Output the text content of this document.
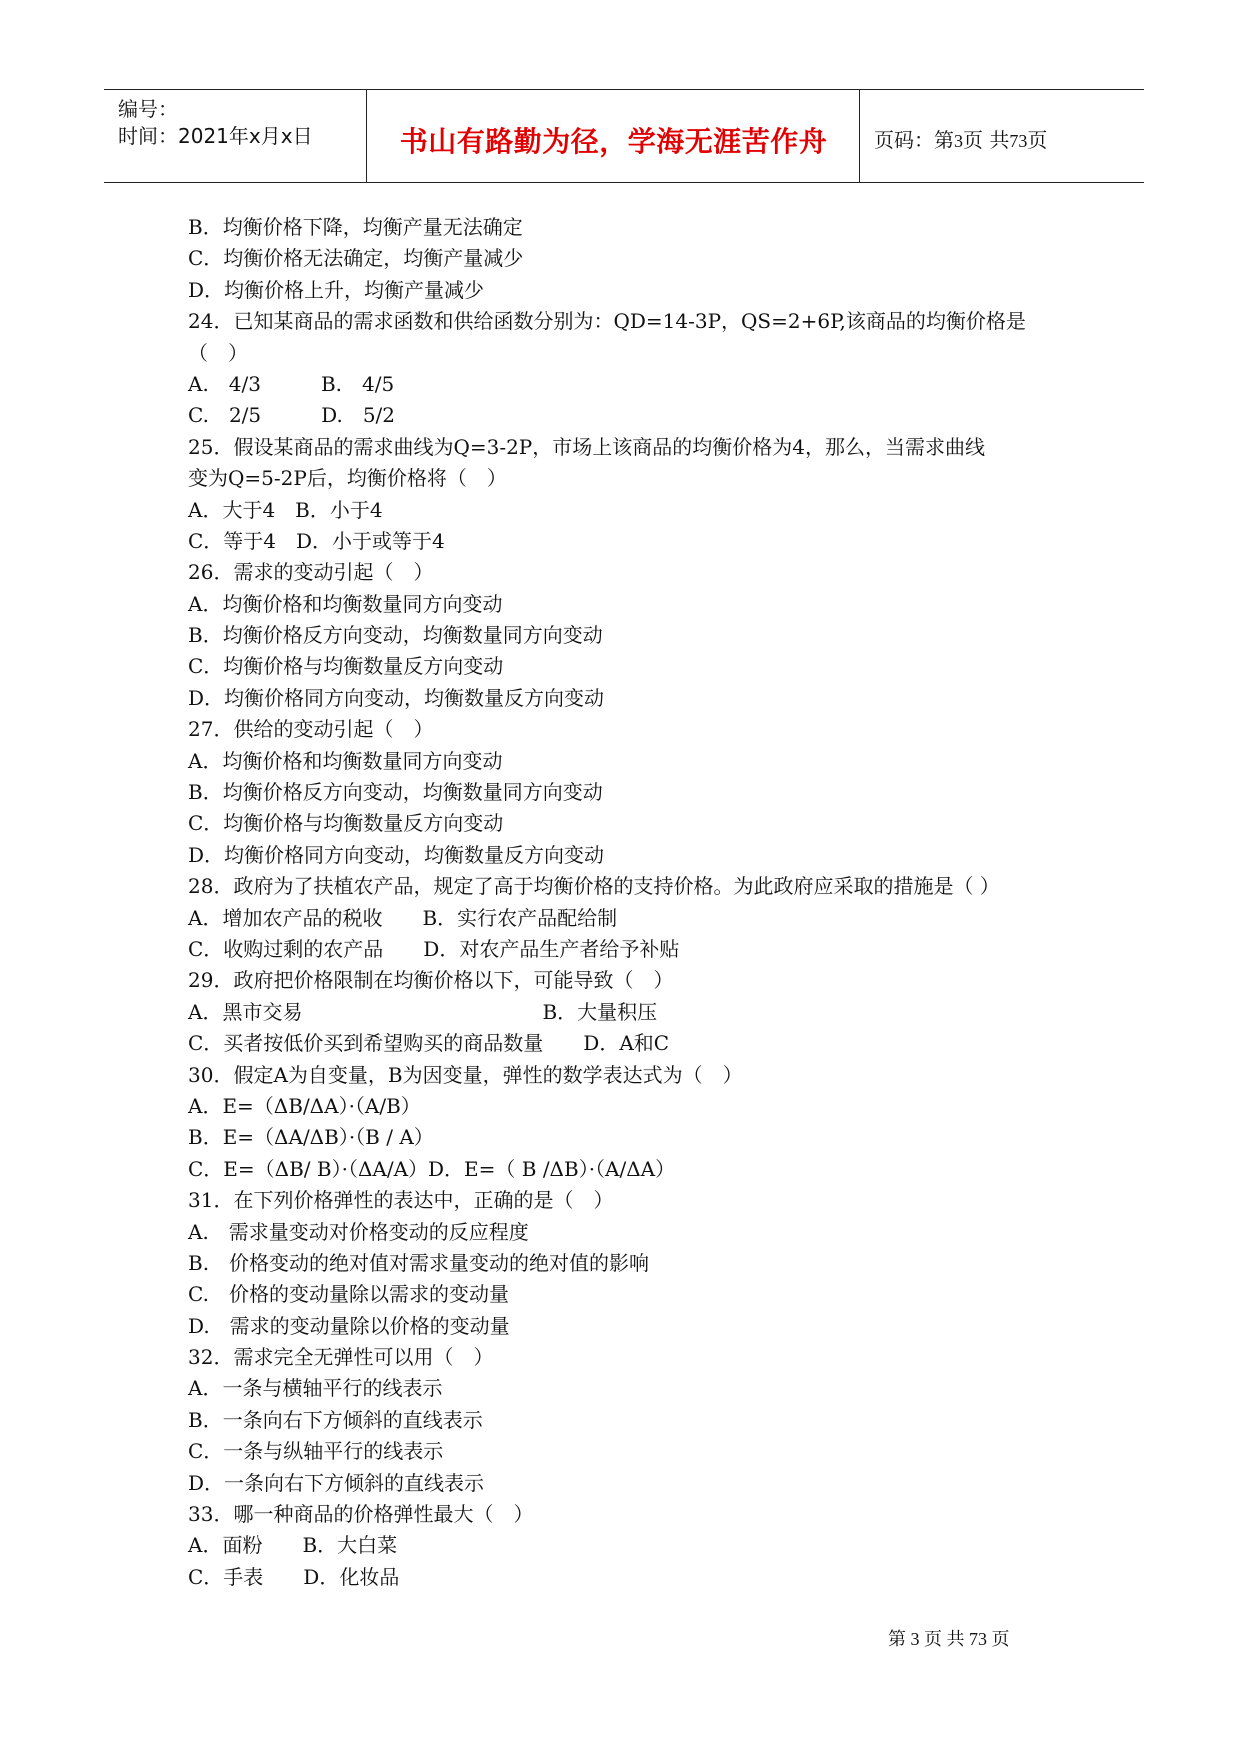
编号：
时间：2021年x月x日	书山有路勤为径，学海无涯苦作舟	页码：第3页 共73页
B．均衡价格下降，均衡产量无法确定
C．均衡价格无法确定，均衡产量减少
D．均衡价格上升，均衡产量减少
24．已知某商品的需求函数和供给函数分别为：QD=14-3P，QS=2+6P,该商品的均衡价格是
（　）
A.　4/3　　　B.　4/5
C.　2/5　　　D.　5/2
25．假设某商品的需求曲线为Q=3-2P，市场上该商品的均衡价格为4，那么，当需求曲线
变为Q=5-2P后，均衡价格将（　）
A．大于4　B．小于4
C．等于4　D．小于或等于4
26．需求的变动引起（　）
A．均衡价格和均衡数量同方向变动
B．均衡价格反方向变动，均衡数量同方向变动
C．均衡价格与均衡数量反方向变动
D．均衡价格同方向变动，均衡数量反方向变动
27．供给的变动引起（　）
A．均衡价格和均衡数量同方向变动
B．均衡价格反方向变动，均衡数量同方向变动
C．均衡价格与均衡数量反方向变动
D．均衡价格同方向变动，均衡数量反方向变动
28．政府为了扶植农产品，规定了高于均衡价格的支持价格。为此政府应采取的措施是（ ）
A．增加农产品的税收　　B．实行农产品配给制
C．收购过剩的农产品　　D．对农产品生产者给予补贴
29．政府把价格限制在均衡价格以下，可能导致（　）
A．黑市交易　　　　　　　　　　　　B．大量积压
C．买者按低价买到希望购买的商品数量　　D．A和C
30．假定A为自变量，B为因变量，弹性的数学表达式为（　）
A．E=（ΔB/ΔA）·（A/B）
B．E=（ΔA/ΔB）·（B / A）
C．E=（ΔB/ B）·（ΔA/A）D．E=（ B /ΔB）·（A/ΔA）
31．在下列价格弹性的表达中，正确的是（　）
A.　需求量变动对价格变动的反应程度
B.　价格变动的绝对值对需求量变动的绝对值的影响
C.　价格的变动量除以需求的变动量
D.　需求的变动量除以价格的变动量
32．需求完全无弹性可以用（　）
A．一条与横轴平行的线表示
B．一条向右下方倾斜的直线表示
C．一条与纵轴平行的线表示
D．一条向右下方倾斜的直线表示
33．哪一种商品的价格弹性最大（　）
A．面粉　　B．大白菜
C．手表　　D．化妆品
第 3 页 共 73 页
